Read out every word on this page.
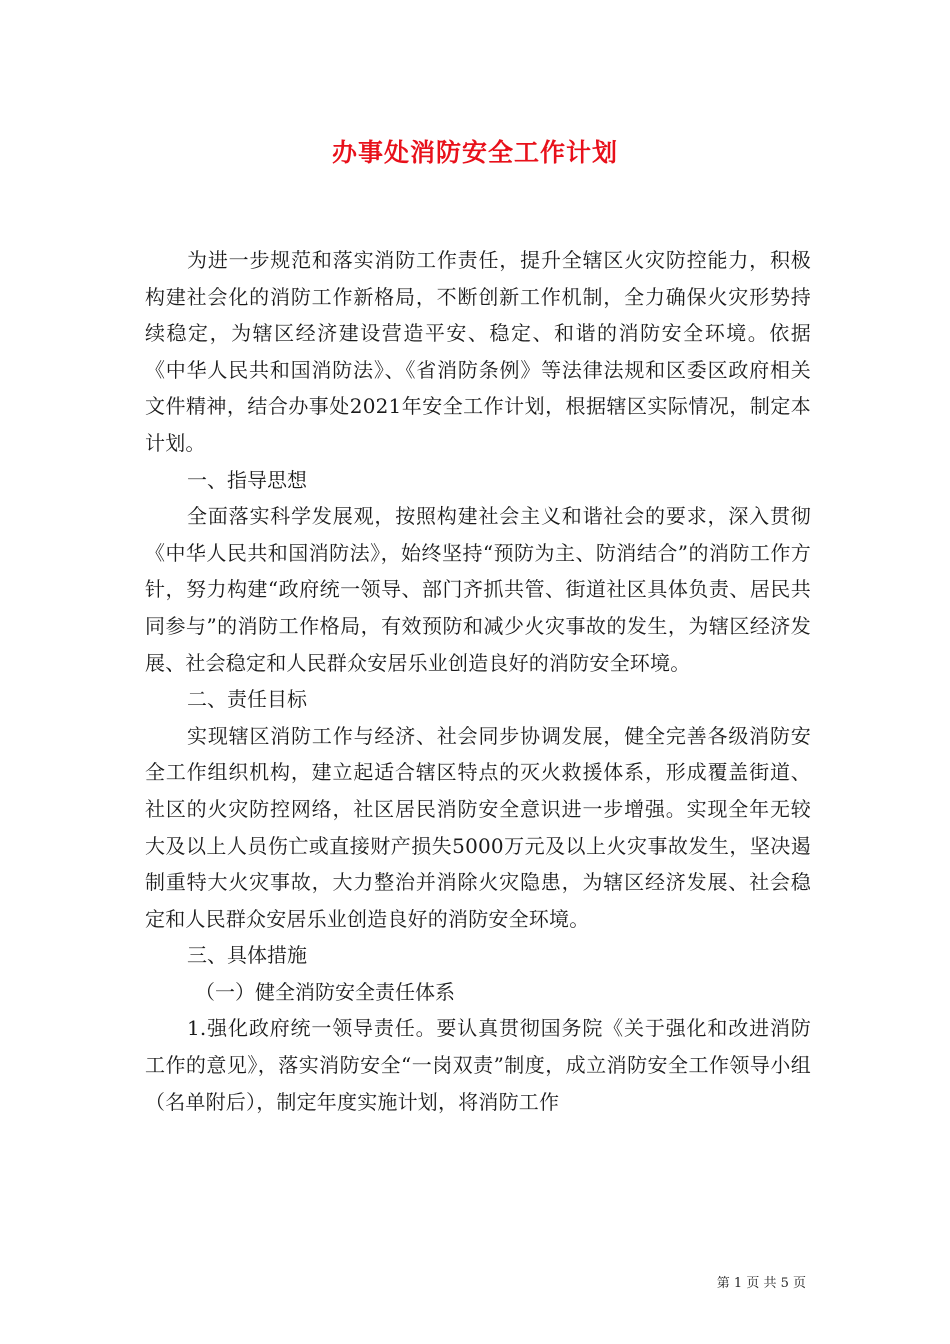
办事处消防安全工作计划

为进一步规范和落实消防工作责任，提升全辖区火灾防控能力，积极构建社会化的消防工作新格局，不断创新工作机制，全力确保火灾形势持续稳定，为辖区经济建设营造平安、稳定、和谐的消防安全环境。依据《中华人民共和国消防法》、《省消防条例》等法律法规和区委区政府相关文件精神，结合办事处2021年安全工作计划，根据辖区实际情况，制定本计划。

一、指导思想

全面落实科学发展观，按照构建社会主义和谐社会的要求，深入贯彻《中华人民共和国消防法》，始终坚持“预防为主、防消结合”的消防工作方针，努力构建“政府统一领导、部门齐抓共管、街道社区具体负责、居民共同参与”的消防工作格局，有效预防和减少火灾事故的发生，为辖区经济发展、社会稳定和人民群众安居乐业创造良好的消防安全环境。

二、责任目标

实现辖区消防工作与经济、社会同步协调发展，健全完善各级消防安全工作组织机构，建立起适合辖区特点的灭火救援体系，形成覆盖街道、社区的火灾防控网络，社区居民消防安全意识进一步增强。实现全年无较大及以上人员伤亡或直接财产损失5000万元及以上火灾事故发生，坚决遏制重特大火灾事故，大力整治并消除火灾隐患，为辖区经济发展、社会稳定和人民群众安居乐业创造良好的消防安全环境。

三、具体措施

（一）健全消防安全责任体系

1.强化政府统一领导责任。要认真贯彻国务院《关于强化和改进消防工作的意见》，落实消防安全“一岗双责”制度，成立消防安全工作领导小组（名单附后），制定年度实施计划，将消防工作

第 1 页 共 5 页
